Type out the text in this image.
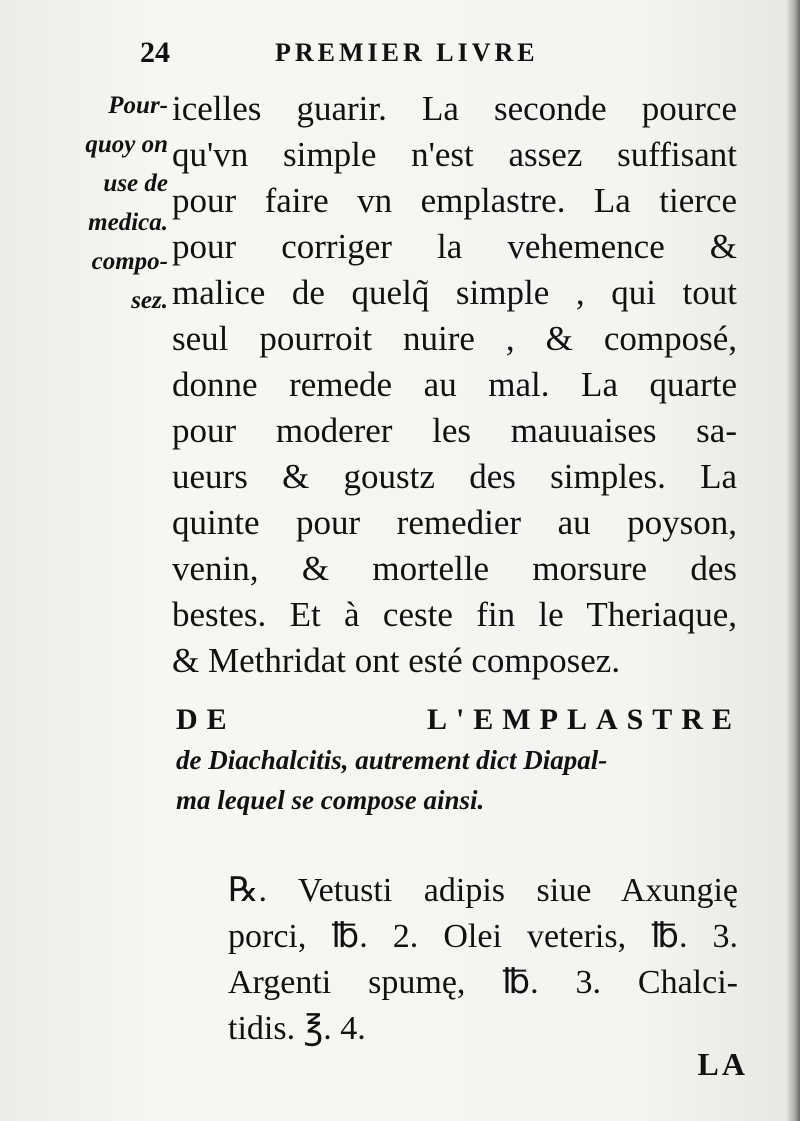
24	PREMIER LIVRE
Pour-
quoy on
use de
medica.
compo-
sez.
icelles guarir. La seconde pource
qu'vn simple n'est assez suffisant
pour faire vn emplastre. La tierce
pour corriger la vehemence &
malice de quelq̃ simple , qui tout
seul pourroit nuire , & composé,
donne remede au mal. La quarte
pour moderer les mauuaises sa-
ueurs & goustz des simples. La
quinte pour remedier au poyson,
venin, & mortelle morsure des
bestes. Et à ceste fin le Theriaque,
& Methridat ont esté composez.
DE L'EMPLASTRE
de Diachalcitis, autrement dict Diapal-
ma lequel se compose ainsi.
℞. Vetusti adipis siue Axungię
porci, ℔. 2. Olei veteris, ℔. 3.
Argenti spumę, ℔. 3. Chalci-
tidis. ℥. 4.
LA
